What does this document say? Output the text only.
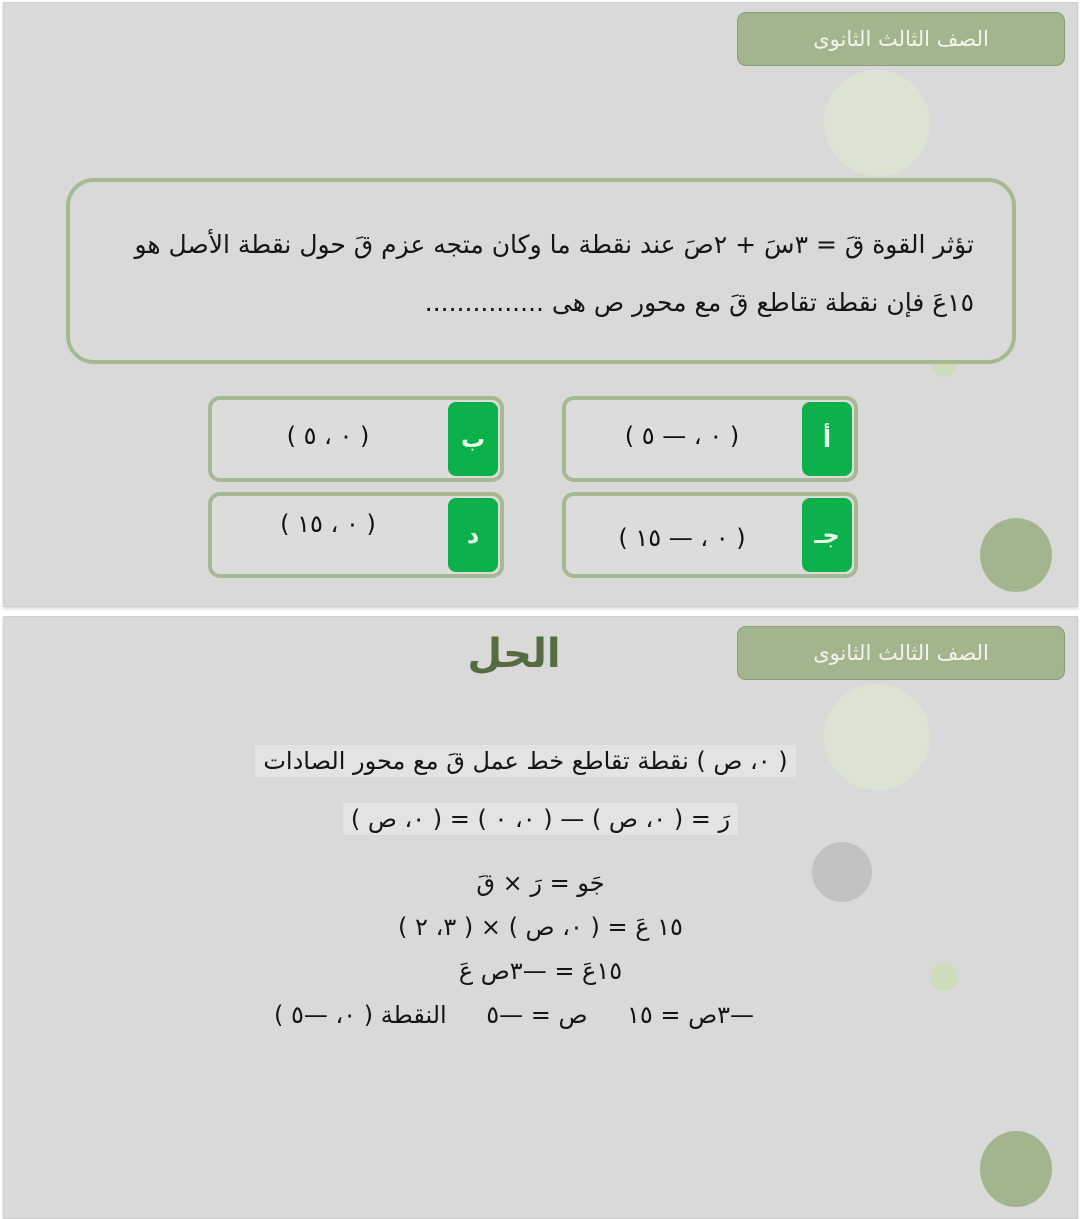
الصف الثالث الثانوى
تؤثر القوة قَ = ٣سَ + ٢صَ عند نقطة ما وكان متجه عزم قَ حول نقطة الأصل هو
١٥عَ فإن نقطة تقاطع قَ مع محور ص هى ...............
أ
( ٠ ، — ٥ )
ب
( ٠ ، ٥ )
جـ
( ٠ ، — ١٥ )
د
( ٠ ، ١٥ )
الصف الثالث الثانوى
الحل
( ٠، ص ) نقطة تقاطع خط عمل قَ مع محور الصادات
رَ = ( ٠، ص ) — ( ٠، ٠ ) = ( ٠، ص )
جَو = رَ × قَ
١٥ عَ = ( ٠، ص ) × ( ٣، ٢ )
١٥عَ = —٣ص عَ
—٣ص = ١٥
ص = —٥
النقطة ( ٠، —٥ )
